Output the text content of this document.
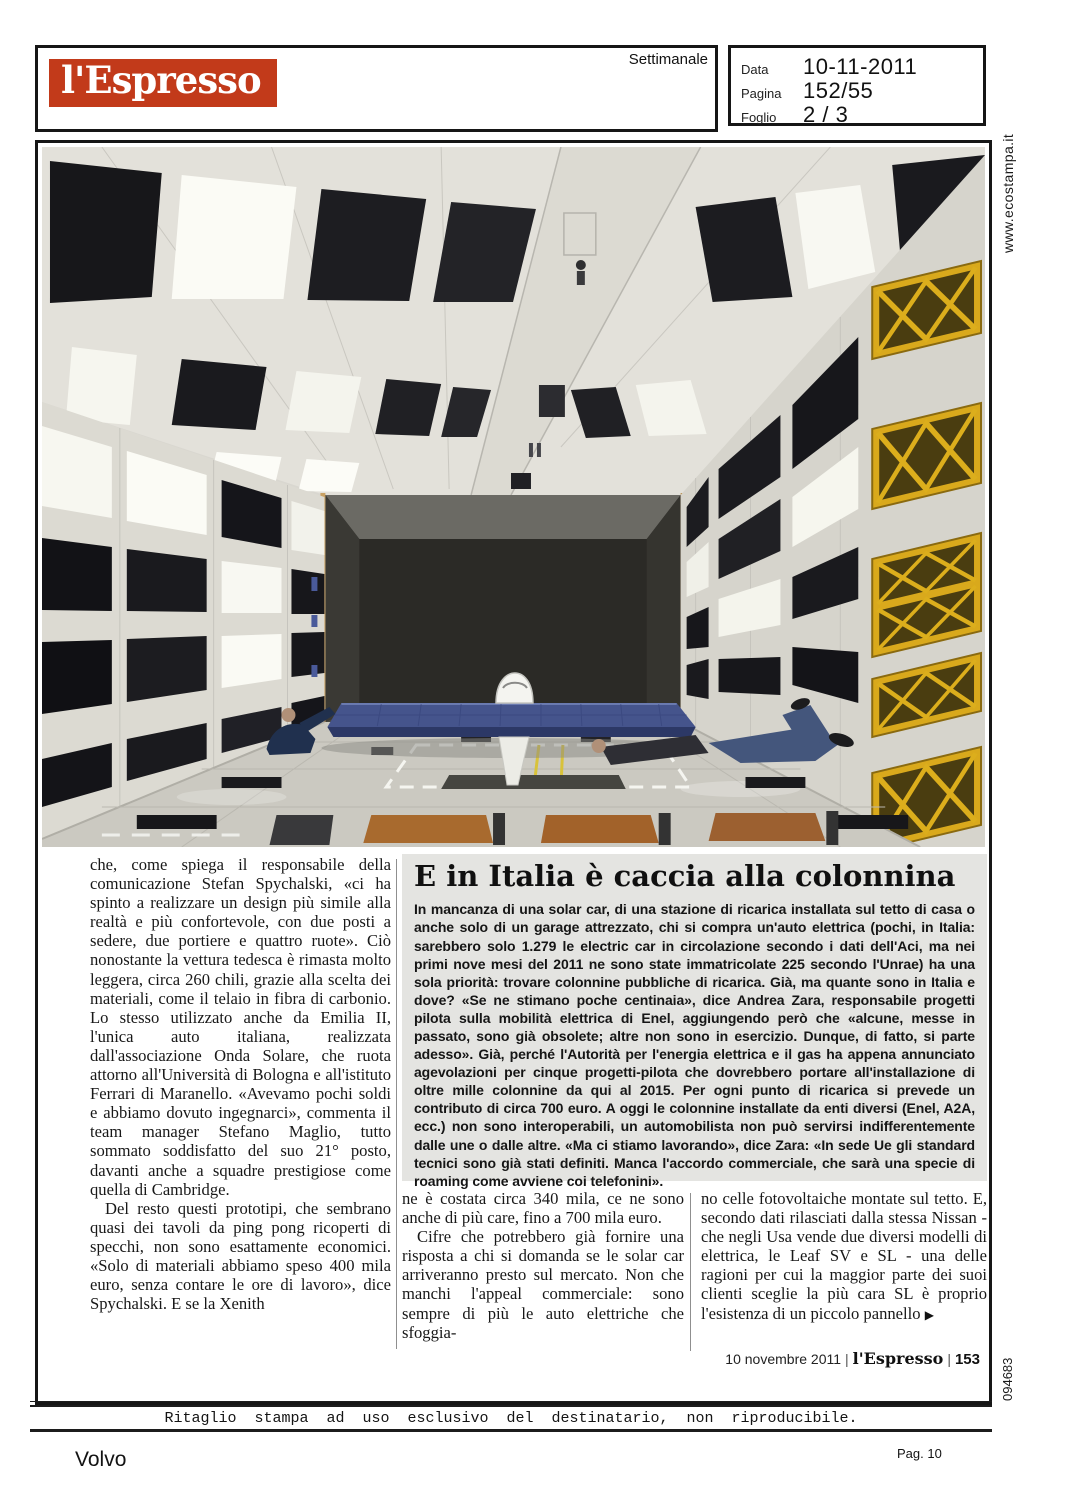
l'Espresso	Settimanale
Data	10-11-2011
Pagina 152/55
Foglio	2 / 3
www.ecostampa.it
094683

che, come spiega il responsabile della comunicazione Stefan Spychalski, «ci ha spinto a realizzare un design più simile alla realtà e più confortevole, con due posti a sedere, due portiere e quattro ruote». Ciò nonostante la vettura tedesca è rimasta molto leggera, circa 260 chili, grazie alla scelta dei materiali, come il telaio in fibra di carbonio. Lo stesso utilizzato anche da Emilia II, l'unica auto italiana, realizzata dall'associazione Onda Solare, che ruota attorno all'Università di Bologna e all'istituto Ferrari di Maranello. «Avevamo pochi soldi e abbiamo dovuto ingegnarci», commenta il team manager Stefano Maglio, tutto sommato soddisfatto del suo 21° posto, davanti anche a squadre prestigiose come quella di Cambridge.

Del resto questi prototipi, che sembrano quasi dei tavoli da ping pong ricoperti di specchi, non sono esattamente economici. «Solo di materiali abbiamo speso 400 mila euro, senza contare le ore di lavoro», dice Spychalski. E se la Xenith

E in Italia è caccia alla colonnina
In mancanza di una solar car, di una stazione di ricarica installata sul tetto di casa o anche solo di un garage attrezzato, chi si compra un'auto elettrica (pochi, in Italia: sarebbero solo 1.279 le electric car in circolazione secondo i dati dell'Aci, ma nei primi nove mesi del 2011 ne sono state immatricolate 225 secondo l'Unrae) ha una sola priorità: trovare colonnine pubbliche di ricarica. Già, ma quante sono in Italia e dove? «Se ne stimano poche centinaia», dice Andrea Zara, responsabile progetti pilota sulla mobilità elettrica di Enel, aggiungendo però che «alcune, messe in passato, sono già obsolete; altre non sono in esercizio. Dunque, di fatto, si parte adesso». Già, perché l'Autorità per l'energia elettrica e il gas ha appena annunciato agevolazioni per cinque progetti-pilota che dovrebbero portare all'installazione di oltre mille colonnine da qui al 2015. Per ogni punto di ricarica si prevede un contributo di circa 700 euro. A oggi le colonnine installate da enti diversi (Enel, A2A, ecc.) non sono interoperabili, un automobilista non può servirsi indifferentemente dalle une o dalle altre. «Ma ci stiamo lavorando», dice Zara: «In sede Ue gli standard tecnici sono già stati definiti. Manca l'accordo commerciale, che sarà una specie di roaming come avviene coi telefonini».

ne è costata circa 340 mila, ce ne sono anche di più care, fino a 700 mila euro.

Cifre che potrebbero già fornire una risposta a chi si domanda se le solar car arriveranno presto sul mercato. Non che manchi l'appeal commerciale: sono sempre di più le auto elettriche che sfoggia-

no celle fotovoltaiche montate sul tetto. E, secondo dati rilasciati dalla stessa Nissan - che negli Usa vende due diversi modelli di elettrica, le Leaf SV e SL - una delle ragioni per cui la maggior parte dei suoi clienti sceglie la più cara SL è proprio l'esistenza di un piccolo pannello ▶

10 novembre 2011 | l'Espresso | 153
Ritaglio stampa ad uso esclusivo del destinatario, non riproducibile.
Volvo	Pag. 10
